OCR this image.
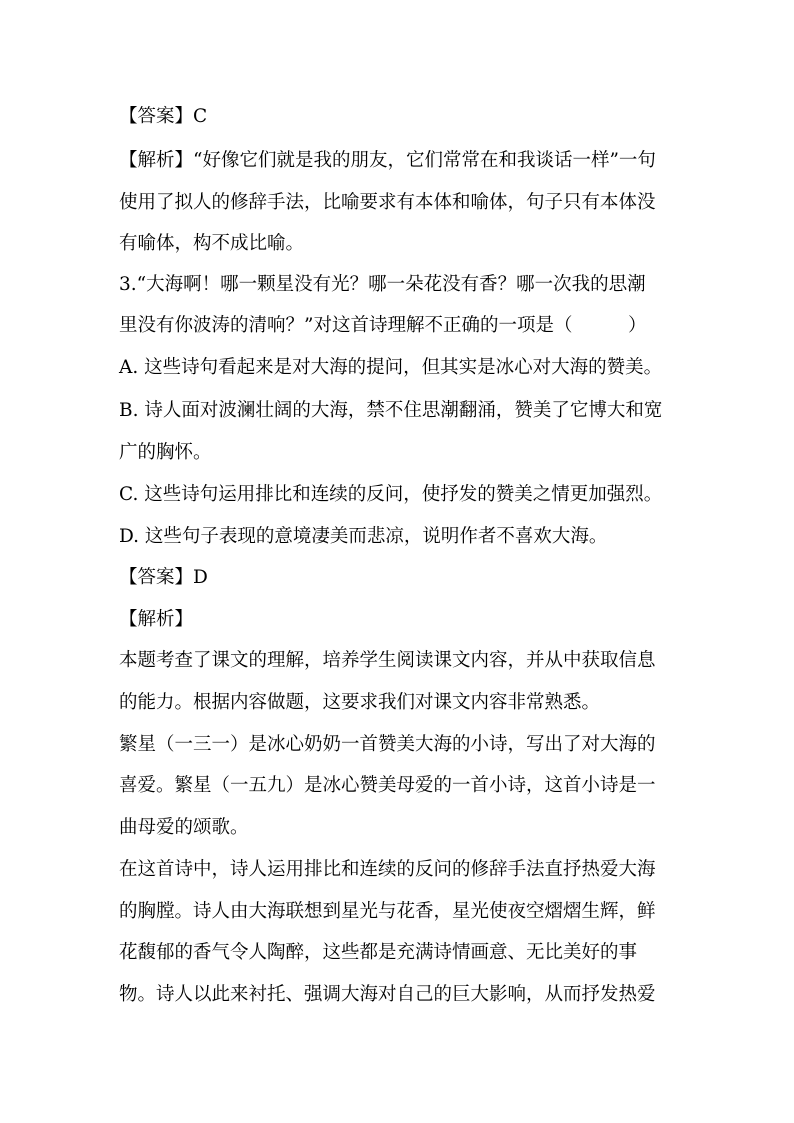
【答案】C
【解析】“好像它们就是我的朋友，它们常常在和我谈话一样”一句
使用了拟人的修辞手法，比喻要求有本体和喻体，句子只有本体没
有喻体，构不成比喻。
3.“大海啊！哪一颗星没有光？哪一朵花没有香？哪一次我的思潮
里没有你波涛的清响？”对这首诗理解不正确的一项是（　　　）
A. 这些诗句看起来是对大海的提问，但其实是冰心对大海的赞美。
B. 诗人面对波澜壮阔的大海，禁不住思潮翻涌，赞美了它博大和宽
广的胸怀。
C. 这些诗句运用排比和连续的反问，使抒发的赞美之情更加强烈。
D. 这些句子表现的意境凄美而悲凉，说明作者不喜欢大海。
【答案】D
【解析】
本题考查了课文的理解，培养学生阅读课文内容，并从中获取信息
的能力。根据内容做题，这要求我们对课文内容非常熟悉。
繁星（一三一）是冰心奶奶一首赞美大海的小诗，写出了对大海的
喜爱。繁星（一五九）是冰心赞美母爱的一首小诗，这首小诗是一
曲母爱的颂歌。
在这首诗中，诗人运用排比和连续的反问的修辞手法直抒热爱大海
的胸膛。诗人由大海联想到星光与花香，星光使夜空熠熠生辉，鲜
花馥郁的香气令人陶醉，这些都是充满诗情画意、无比美好的事
物。诗人以此来衬托、强调大海对自己的巨大影响，从而抒发热爱
